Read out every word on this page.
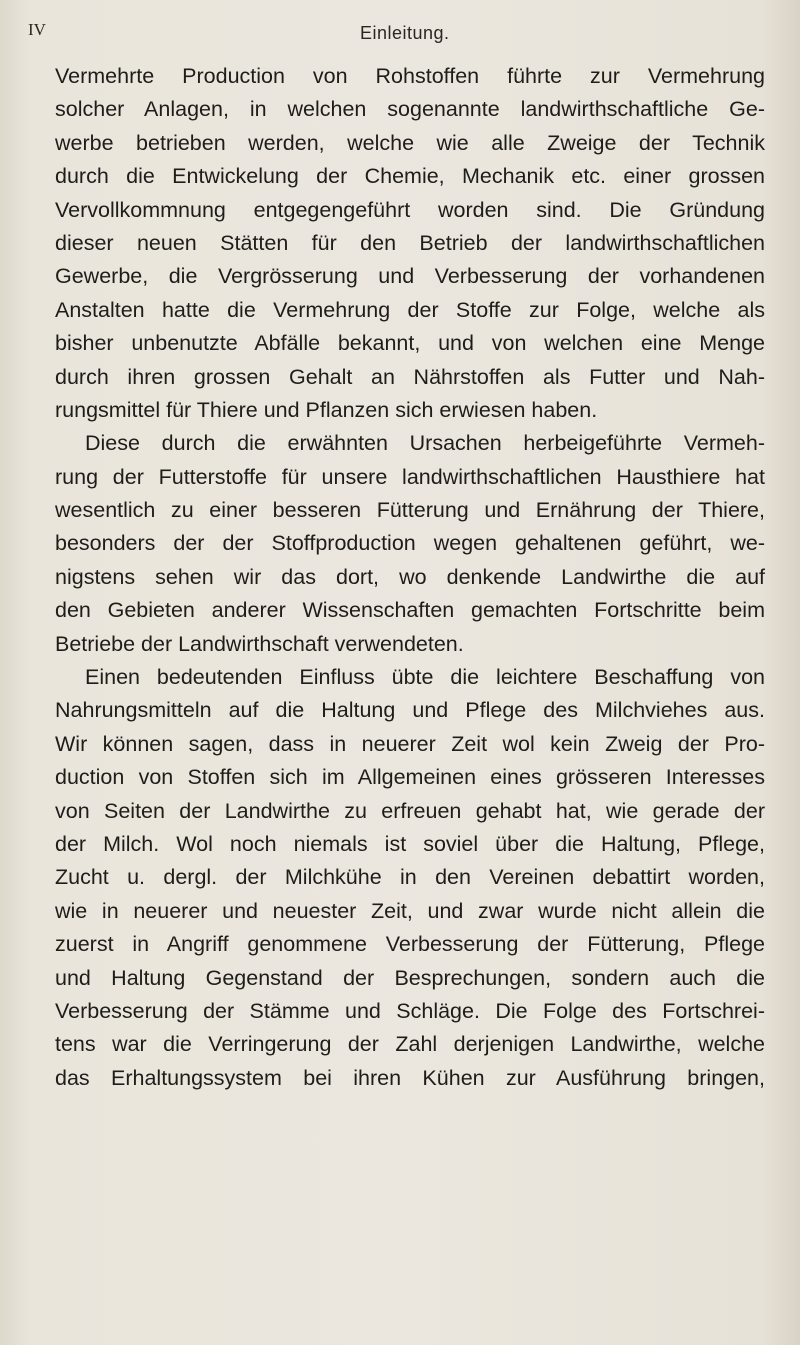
IV	Einleitung.
Vermehrte Production von Rohstoffen führte zur Vermehrung
solcher Anlagen, in welchen sogenannte landwirthschaftliche Ge-
werbe betrieben werden, welche wie alle Zweige der Technik
durch die Entwickelung der Chemie, Mechanik etc. einer grossen
Vervollkommnung entgegengeführt worden sind. Die Gründung
dieser neuen Stätten für den Betrieb der landwirthschaftlichen
Gewerbe, die Vergrösserung und Verbesserung der vorhandenen
Anstalten hatte die Vermehrung der Stoffe zur Folge, welche als
bisher unbenutzte Abfälle bekannt, und von welchen eine Menge
durch ihren grossen Gehalt an Nährstoffen als Futter und Nah-
rungsmittel für Thiere und Pflanzen sich erwiesen haben.
Diese durch die erwähnten Ursachen herbeigeführte Vermeh-
rung der Futterstoffe für unsere landwirthschaftlichen Hausthiere hat
wesentlich zu einer besseren Fütterung und Ernährung der Thiere,
besonders der der Stoffproduction wegen gehaltenen geführt, we-
nigstens sehen wir das dort, wo denkende Landwirthe die auf
den Gebieten anderer Wissenschaften gemachten Fortschritte beim
Betriebe der Landwirthschaft verwendeten.
Einen bedeutenden Einfluss übte die leichtere Beschaffung von
Nahrungsmitteln auf die Haltung und Pflege des Milchviehes aus.
Wir können sagen, dass in neuerer Zeit wol kein Zweig der Pro-
duction von Stoffen sich im Allgemeinen eines grösseren Interesses
von Seiten der Landwirthe zu erfreuen gehabt hat, wie gerade der
der Milch. Wol noch niemals ist soviel über die Haltung, Pflege,
Zucht u. dergl. der Milchkühe in den Vereinen debattirt worden,
wie in neuerer und neuester Zeit, und zwar wurde nicht allein die
zuerst in Angriff genommene Verbesserung der Fütterung, Pflege
und Haltung Gegenstand der Besprechungen, sondern auch die
Verbesserung der Stämme und Schläge. Die Folge des Fortschrei-
tens war die Verringerung der Zahl derjenigen Landwirthe, welche
das Erhaltungssystem bei ihren Kühen zur Ausführung bringen,
